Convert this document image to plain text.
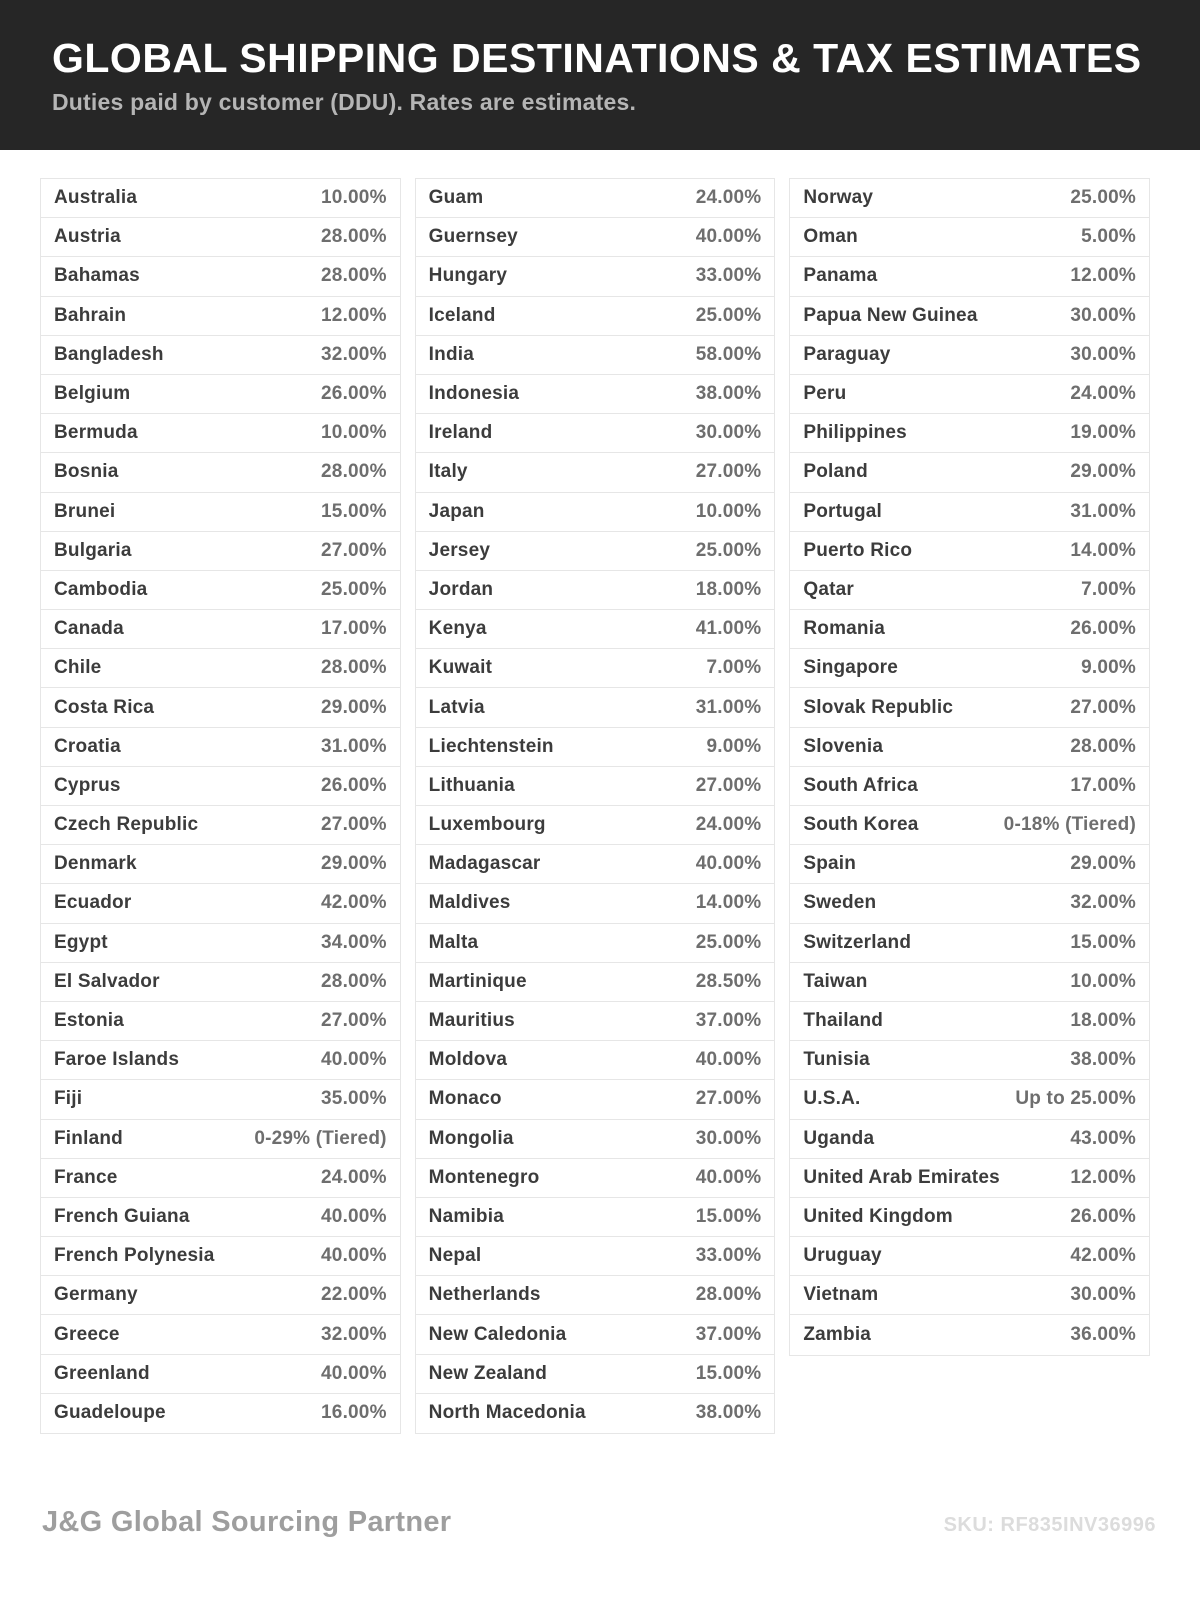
GLOBAL SHIPPING DESTINATIONS & TAX ESTIMATES
Duties paid by customer (DDU). Rates are estimates.
Australia	10.00%
Austria	28.00%
Bahamas	28.00%
Bahrain	12.00%
Bangladesh	32.00%
Belgium	26.00%
Bermuda	10.00%
Bosnia	28.00%
Brunei	15.00%
Bulgaria	27.00%
Cambodia	25.00%
Canada	17.00%
Chile	28.00%
Costa Rica	29.00%
Croatia	31.00%
Cyprus	26.00%
Czech Republic	27.00%
Denmark	29.00%
Ecuador	42.00%
Egypt	34.00%
El Salvador	28.00%
Estonia	27.00%
Faroe Islands	40.00%
Fiji	35.00%
Finland	0-29% (Tiered)
France	24.00%
French Guiana	40.00%
French Polynesia	40.00%
Germany	22.00%
Greece	32.00%
Greenland	40.00%
Guadeloupe	16.00%
Guam	24.00%
Guernsey	40.00%
Hungary	33.00%
Iceland	25.00%
India	58.00%
Indonesia	38.00%
Ireland	30.00%
Italy	27.00%
Japan	10.00%
Jersey	25.00%
Jordan	18.00%
Kenya	41.00%
Kuwait	7.00%
Latvia	31.00%
Liechtenstein	9.00%
Lithuania	27.00%
Luxembourg	24.00%
Madagascar	40.00%
Maldives	14.00%
Malta	25.00%
Martinique	28.50%
Mauritius	37.00%
Moldova	40.00%
Monaco	27.00%
Mongolia	30.00%
Montenegro	40.00%
Namibia	15.00%
Nepal	33.00%
Netherlands	28.00%
New Caledonia	37.00%
New Zealand	15.00%
North Macedonia	38.00%
Norway	25.00%
Oman	5.00%
Panama	12.00%
Papua New Guinea	30.00%
Paraguay	30.00%
Peru	24.00%
Philippines	19.00%
Poland	29.00%
Portugal	31.00%
Puerto Rico	14.00%
Qatar	7.00%
Romania	26.00%
Singapore	9.00%
Slovak Republic	27.00%
Slovenia	28.00%
South Africa	17.00%
South Korea	0-18% (Tiered)
Spain	29.00%
Sweden	32.00%
Switzerland	15.00%
Taiwan	10.00%
Thailand	18.00%
Tunisia	38.00%
U.S.A.	Up to 25.00%
Uganda	43.00%
United Arab Emirates	12.00%
United Kingdom	26.00%
Uruguay	42.00%
Vietnam	30.00%
Zambia	36.00%
J&G Global Sourcing Partner	SKU: RF835INV36996
